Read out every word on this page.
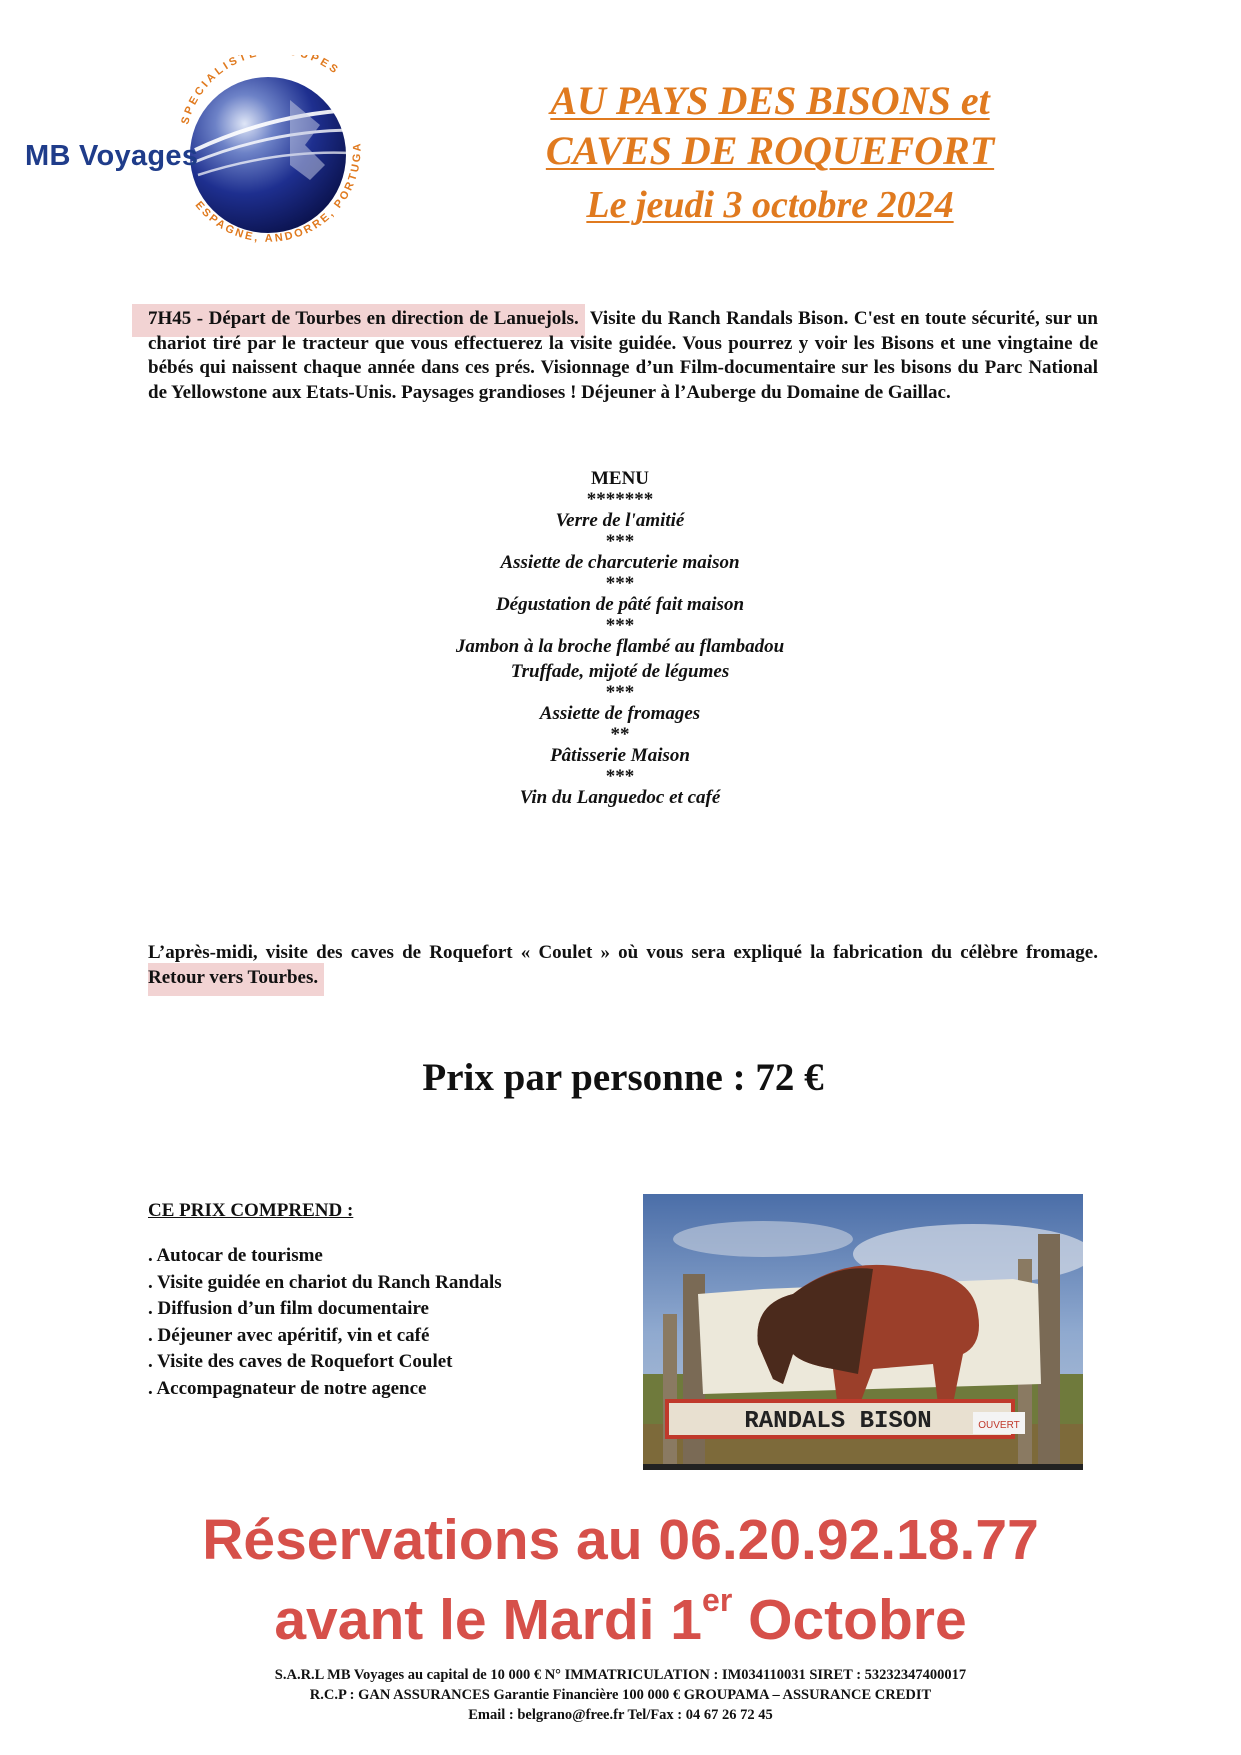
SPECIALIST UPES
ESPAGNE, ANDORRE, PORTUGA
MB Voyages
AU PAYS DES BISONS et
CAVES DE ROQUEFORT
Le jeudi 3 octobre 2024
7H45 - Départ de Tourbes en direction de Lanuejols. Visite du Ranch Randals Bison. C'est en toute sécurité, sur un chariot tiré par le tracteur que vous effectuerez la visite guidée. Vous pourrez y voir les Bisons et une vingtaine de bébés qui naissent chaque année dans ces prés. Visionnage d’un Film-documentaire sur les bisons du Parc National de Yellowstone aux Etats-Unis. Paysages grandioses ! Déjeuner à l’Auberge du Domaine de Gaillac.
MENU
*******
Verre de l'amitié
***
Assiette de charcuterie maison
***
Dégustation de pâté fait maison
***
Jambon à la broche flambé au flambadou
Truffade, mijoté de légumes
***
Assiette de fromages
**
Pâtisserie Maison
***
Vin du Languedoc et café
L’après-midi, visite des caves de Roquefort « Coulet » où vous sera expliqué la fabrication du célèbre fromage. Retour vers Tourbes.
Prix par personne : 72 €
CE PRIX COMPREND :
. Autocar de tourisme
. Visite guidée en chariot du Ranch Randals
. Diffusion d’un film documentaire
. Déjeuner avec apéritif, vin et café
. Visite des caves de Roquefort Coulet
. Accompagnateur de notre agence
RANDALS BISON	OUVERT
Réservations au 06.20.92.18.77
avant le Mardi 1er Octobre
S.A.R.L MB Voyages au capital de 10 000 € N° IMMATRICULATION : IM034110031 SIRET : 53232347400017
R.C.P : GAN ASSURANCES Garantie Financière 100 000 € GROUPAMA – ASSURANCE CREDIT
Email : belgrano@free.fr Tel/Fax : 04 67 26 72 45
